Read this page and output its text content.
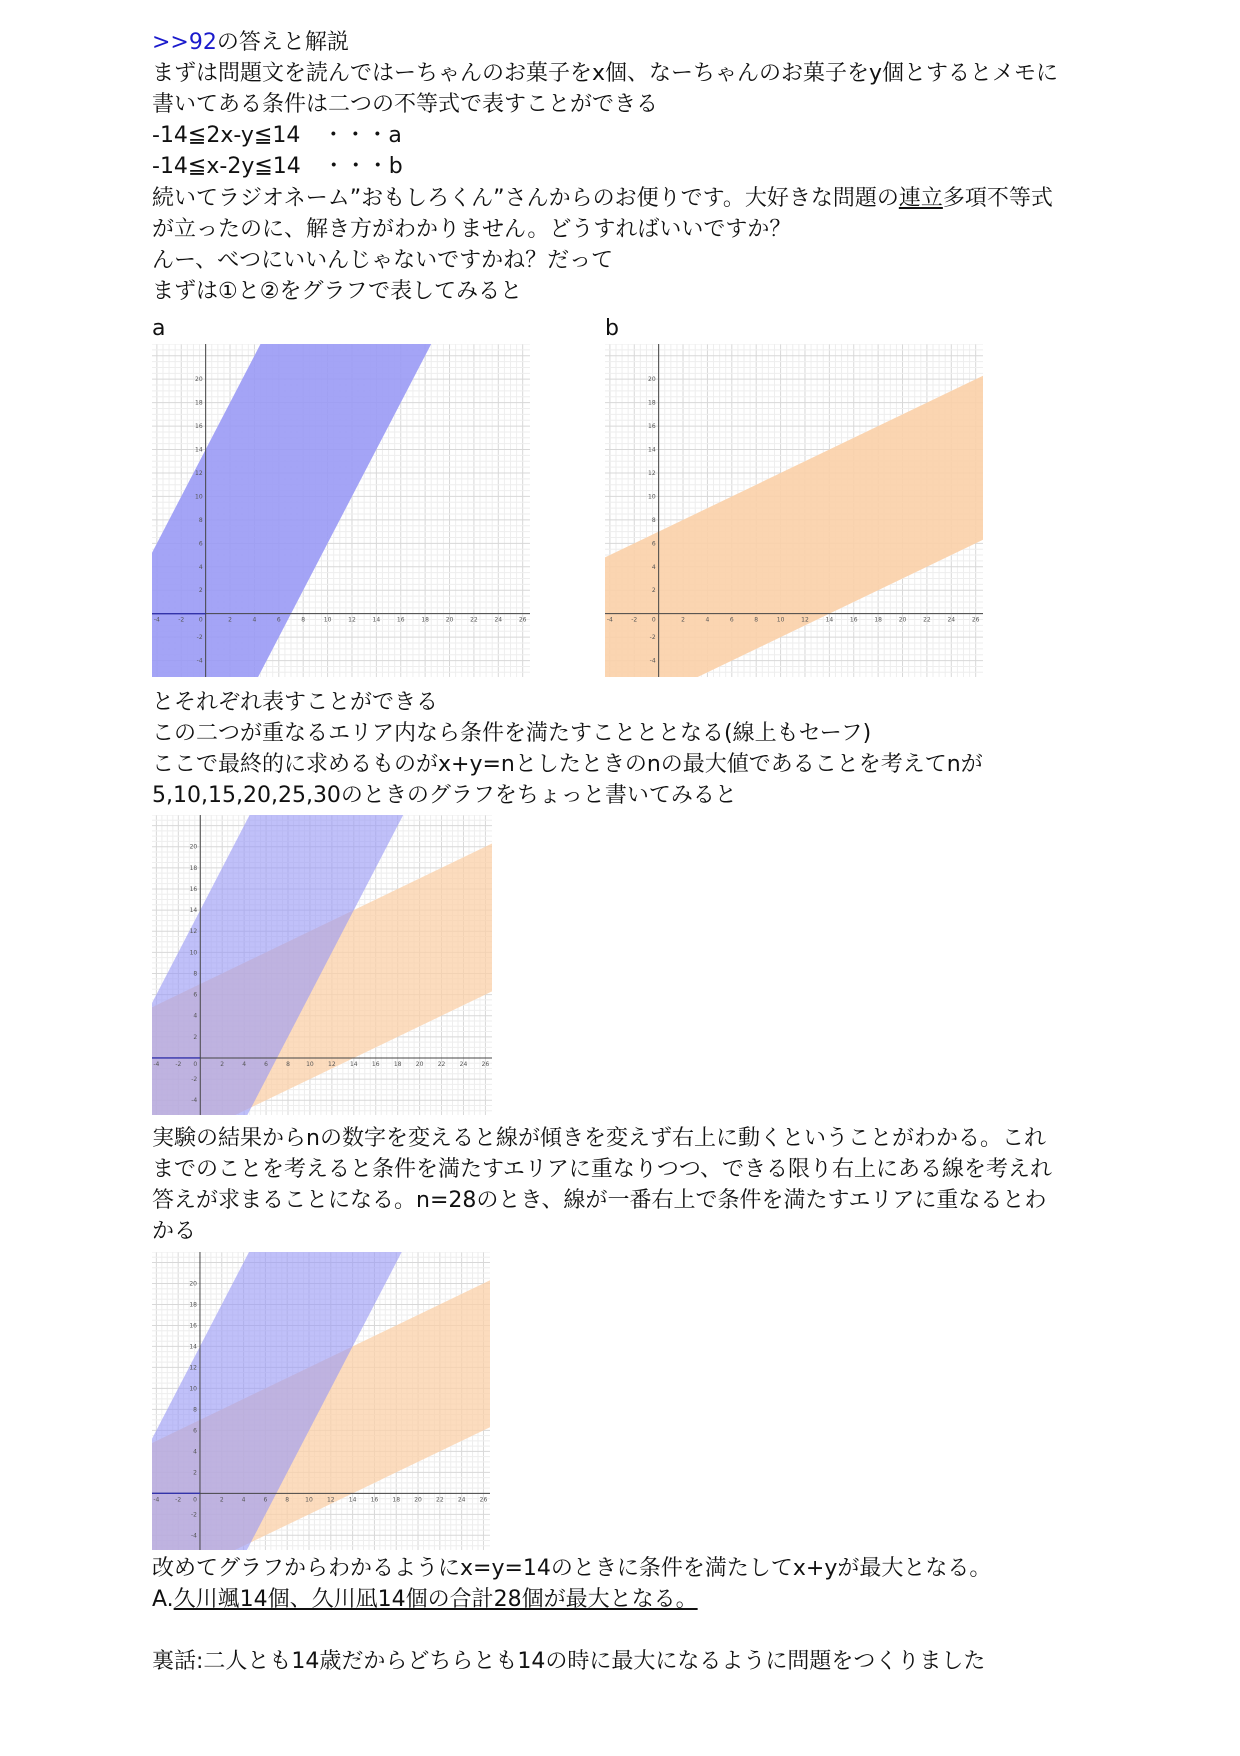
>>92の答えと解説
まずは問題文を読んではーちゃんのお菓子をx個、なーちゃんのお菓子をy個とするとメモに
書いてある条件は二つの不等式で表すことができる
-14≦2x-y≦14　・・・a
-14≦x-2y≦14　・・・b
続いてラジオネーム”おもしろくん”さんからのお便りです。大好きな問題の連立多項不等式
が立ったのに、解き方がわかりません。どうすればいいですか？
んー、べつにいいんじゃないですかね？だって
まずは①と②をグラフで表してみると
a	b
-4	-2	2	4	6	8	10	12	14	16	18	20	22	24	26
-4
-2
2
4
6
8
10
12
14
16
18
20
0	-4	-2	2	4	6	8	10	12	14	16	18	20	22	24	26
-4
-2
2
4
6
8
10
12
14
16
18
20
0
とそれぞれ表すことができる
この二つが重なるエリア内なら条件を満たすことととなる(線上もセーフ)
ここで最終的に求めるものがx+y=nとしたときのnの最大値であることを考えてnが
5,10,15,20,25,30のときのグラフをちょっと書いてみると
-4	-2	2	4	6	8	10 12 14 16 18 20 22 24 26
-4
-2
2
4
6
8
10
12
14
16
18
20
0
実験の結果からnの数字を変えると線が傾きを変えず右上に動くということがわかる。これ
までのことを考えると条件を満たすエリアに重なりつつ、できる限り右上にある線を考えれ
答えが求まることになる。n=28のとき、線が一番右上で条件を満たすエリアに重なるとわ
かる
-4	-2	2	4	6	8	10 12 14 16 18 20 22 24 26
-4
-2
2
4
6
8
10
12
14
16
18
20
0
改めてグラフからわかるようにx=y=14のときに条件を満たしてx+yが最大となる。
A.久川颯14個、久川凪14個の合計28個が最大となる。
裏話:二人とも14歳だからどちらとも14の時に最大になるように問題をつくりました
